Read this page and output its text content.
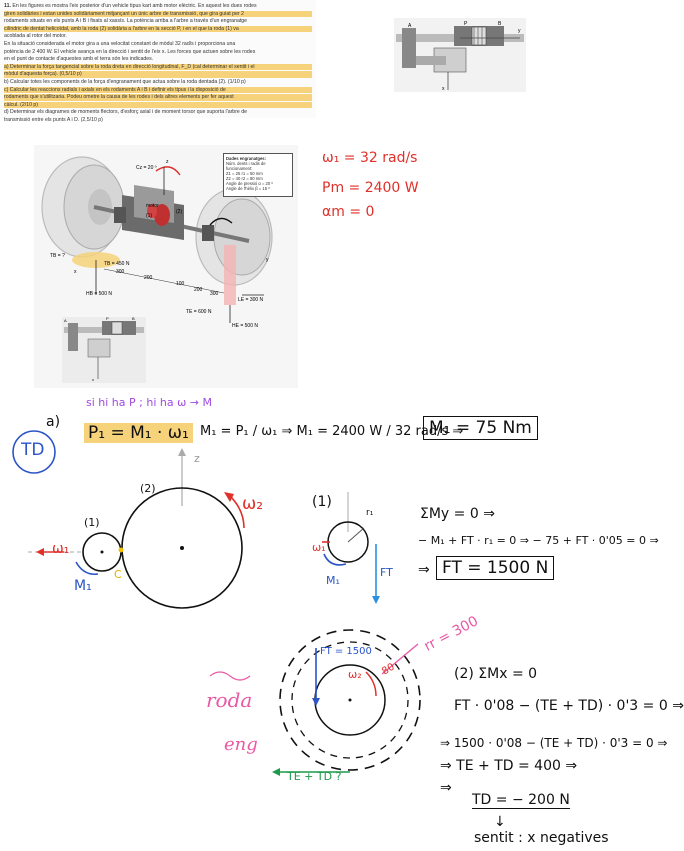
11. En les figures es mostra l'eix posterior d'un vehicle tipus kart amb motor elèctric. En aquest les dues rodes

giren solidàries i estan unides solidàriament mitjançant un únic arbre de transmissió, que gira guiat per 2

rodaments situats en els punts A i B i fixats al xassís. La potència arriba a l'arbre a través d'un engranatge

cilíndric de dentat helicoïdal, amb la roda (2) solidària a l'arbre en la secció P, i en el que la roda (1) va

acoblada al rotor del motor.

En la situació considerada el motor gira a una velocitat constant de mòdul 32 rad/s i proporciona una

potència de 2 400 W. El vehicle avança en la direcció i sentit de l'eix x. Les forces que actuen sobre les rodes

en el punt de contacte d'aquestes amb el terra són les indicades.

a) Determinar la força tangencial sobre la roda dreta en direcció longitudinal, F_D (cal determinar el sentit i el

mòdul d'aquesta força). (0,5/10 p)

b) Calcular totes les components de la força d'engranament que actua sobre la roda dentada (2). (1/10 p)

c) Calcular les reaccions radials i axials en els rodaments A i B i definir els tipus i la disposició de

rodaments que s'utilitzaria. Podeu ometre la causa de les rodes i dels altres elements per fer aquest

càlcul. (2/10 p)

d) Determinar els diagrames de moments flectors, d'esforç axial i de moment torsor que suporta l'arbre de

transmissió entre els punts A i D. (2,5/10 p)

A	P	B
y
x
Cz = 20 º
motor
(1)
(2)
TB = ?
TB = 450 N
HB = 500 N
300
200
100
200
300
TE = 600 N
LE = 300 N
HE = 500 N
x
y
z
Dades engranatges:
Núm. dents i radis de funcionament:
Z1 = 25 r1 = 50 mm
Z2 = 40 r2 = 80 mm
Angle de pressió α = 20 º
Angle de l'hèlix β = 15 º
A	P	B
x
ω₁ = 32 rad/s
Pm = 2400 W
αm = 0
si hi ha P ; hi ha ω → M
a)
TD
P₁ = M₁ · ω₁ M₁ = P₁ / ω₁ ⇒ M₁ = 2400 W / 32 rad/s ⇒
M₁ = 75 Nm
(2)
(1)
ω₁
ω₂
M₁
C
z
(1)
r₁
FT
ω₁
M₁
ΣMy = 0 ⇒
− M₁ + FT · r₁ = 0 ⇒ − 75 + FT · 0'05 = 0 ⇒
⇒ FT = 1500 N
rr = 300
FT = 1500
80
ω₂
roda
eng
TE + TD ?
(2) ΣMx = 0
FT · 0'08 − (TE + TD) · 0'3 = 0 ⇒
⇒ 1500 · 0'08 − (TE + TD) · 0'3 = 0 ⇒
⇒ TE + TD = 400 ⇒
⇒
TD = − 200 N
↓
sentit : x negatives
